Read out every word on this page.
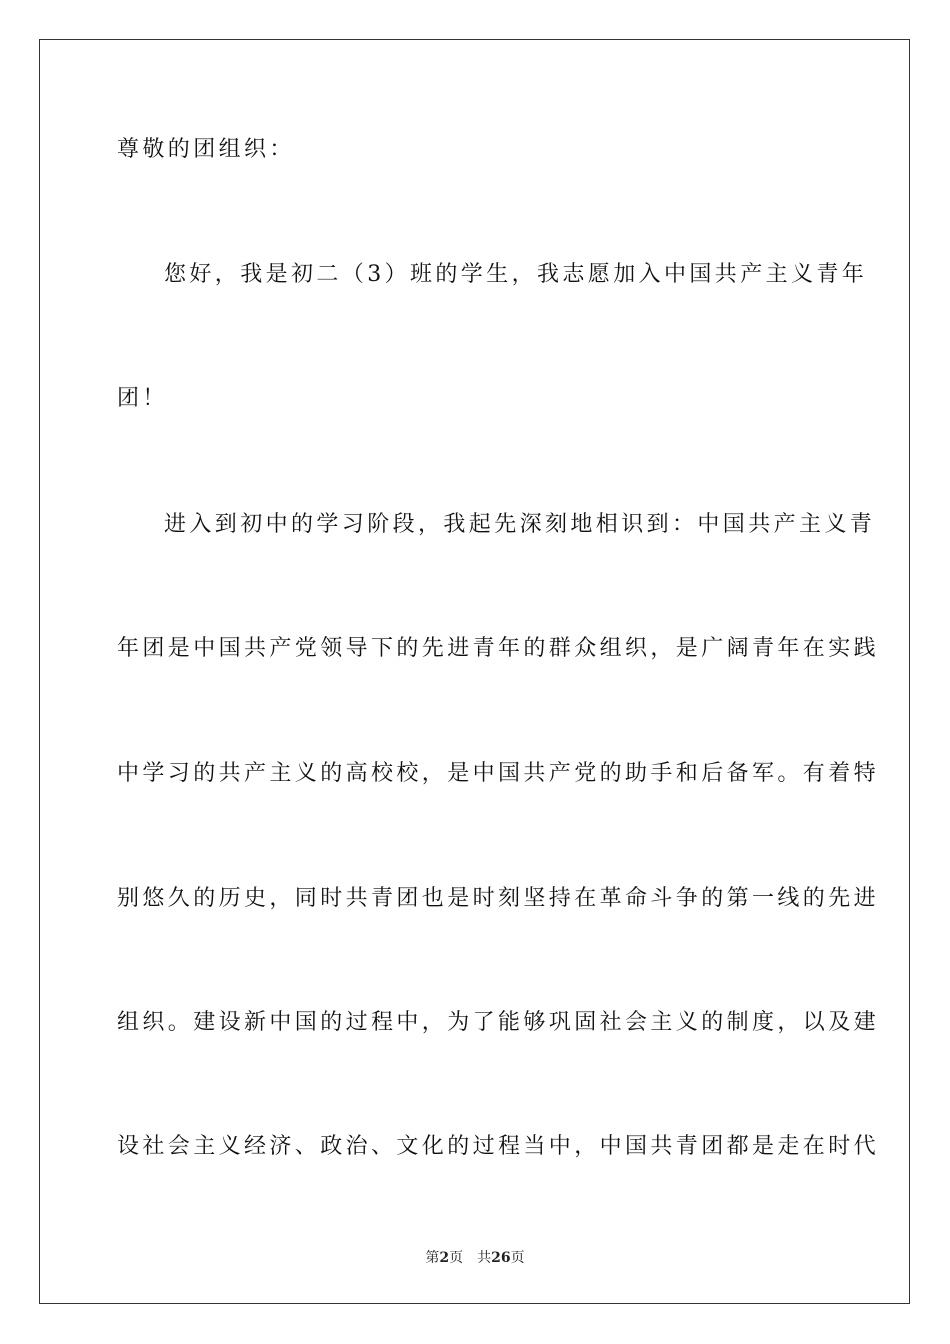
尊敬的团组织：
您好，我是初二（3）班的学生，我志愿加入中国共产主义青年
团！
进入到初中的学习阶段，我起先深刻地相识到：中国共产主义青
年团是中国共产党领导下的先进青年的群众组织，是广阔青年在实践
中学习的共产主义的高校校，是中国共产党的助手和后备军。有着特
别悠久的历史，同时共青团也是时刻坚持在革命斗争的第一线的先进
组织。建设新中国的过程中，为了能够巩固社会主义的制度，以及建
设社会主义经济、政治、文化的过程当中，中国共青团都是走在时代
第2页 共26页
